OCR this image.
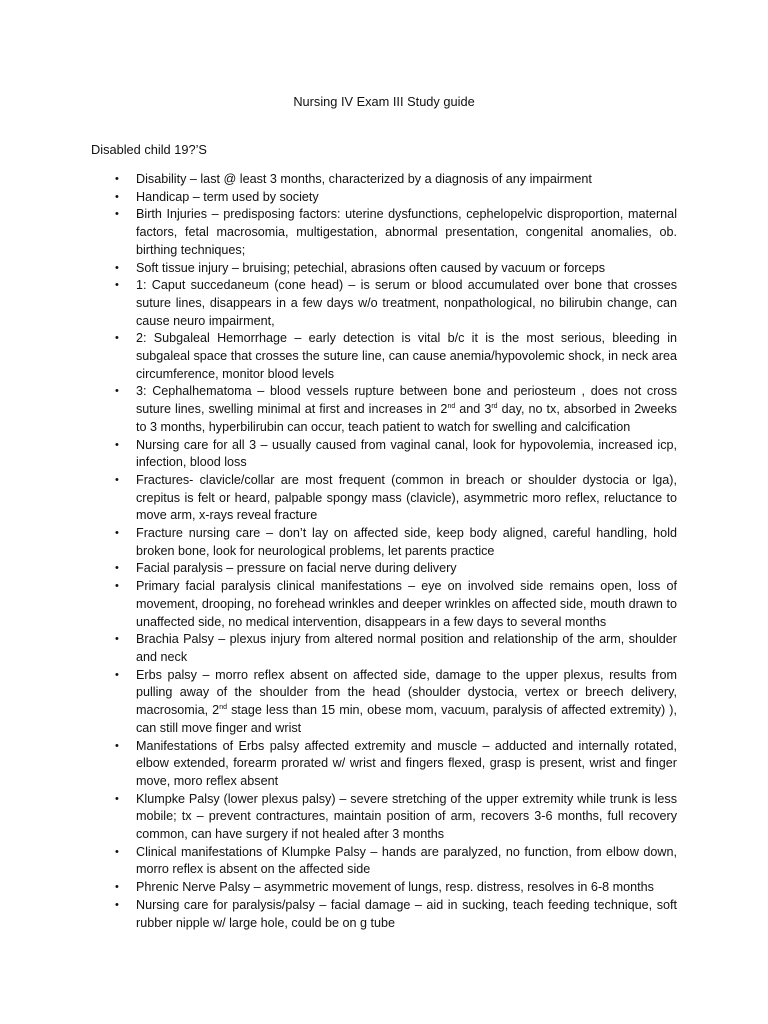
Nursing IV Exam III Study guide
Disabled child 19?’S
• Disability – last @ least 3 months, characterized by a diagnosis of any impairment
• Handicap – term used by society
• Birth Injuries – predisposing factors: uterine dysfunctions, cephelopelvic disproportion, maternal factors, fetal macrosomia, multigestation, abnormal presentation, congenital anomalies, ob. birthing techniques;
• Soft tissue injury – bruising; petechial, abrasions often caused by vacuum or forceps
• 1: Caput succedaneum (cone head) – is serum or blood accumulated over bone that crosses suture lines, disappears in a few days w/o treatment, nonpathological, no bilirubin change, can cause neuro impairment,
• 2: Subgaleal Hemorrhage – early detection is vital b/c it is the most serious, bleeding in subgaleal space that crosses the suture line, can cause anemia/hypovolemic shock, in neck area circumference, monitor blood levels
• 3: Cephalhematoma – blood vessels rupture between bone and periosteum , does not cross suture lines, swelling minimal at first and increases in 2nd and 3rd day, no tx, absorbed in 2weeks to 3 months, hyperbilirubin can occur, teach patient to watch for swelling and calcification
• Nursing care for all 3 – usually caused from vaginal canal, look for hypovolemia, increased icp, infection, blood loss
• Fractures- clavicle/collar are most frequent (common in breach or shoulder dystocia or lga), crepitus is felt or heard, palpable spongy mass (clavicle), asymmetric moro reflex, reluctance to move arm, x-rays reveal fracture
• Fracture nursing care – don’t lay on affected side, keep body aligned, careful handling, hold broken bone, look for neurological problems, let parents practice
• Facial paralysis – pressure on facial nerve during delivery
• Primary facial paralysis clinical manifestations – eye on involved side remains open, loss of movement, drooping, no forehead wrinkles and deeper wrinkles on affected side, mouth drawn to unaffected side, no medical intervention, disappears in a few days to several months
• Brachia Palsy – plexus injury from altered normal position and relationship of the arm, shoulder and neck
• Erbs palsy – morro reflex absent on affected side, damage to the upper plexus, results from pulling away of the shoulder from the head (shoulder dystocia, vertex or breech delivery, macrosomia, 2nd stage less than 15 min, obese mom, vacuum, paralysis of affected extremity) ), can still move finger and wrist
• Manifestations of Erbs palsy affected extremity and muscle – adducted and internally rotated, elbow extended, forearm prorated w/ wrist and fingers flexed, grasp is present, wrist and finger move, moro reflex absent
• Klumpke Palsy (lower plexus palsy) – severe stretching of the upper extremity while trunk is less mobile; tx – prevent contractures, maintain position of arm, recovers 3-6 months, full recovery common, can have surgery if not healed after 3 months
• Clinical manifestations of Klumpke Palsy – hands are paralyzed, no function, from elbow down, morro reflex is absent on the affected side
• Phrenic Nerve Palsy – asymmetric movement of lungs, resp. distress, resolves in 6-8 months
• Nursing care for paralysis/palsy – facial damage – aid in sucking, teach feeding technique, soft rubber nipple w/ large hole, could be on g tube
